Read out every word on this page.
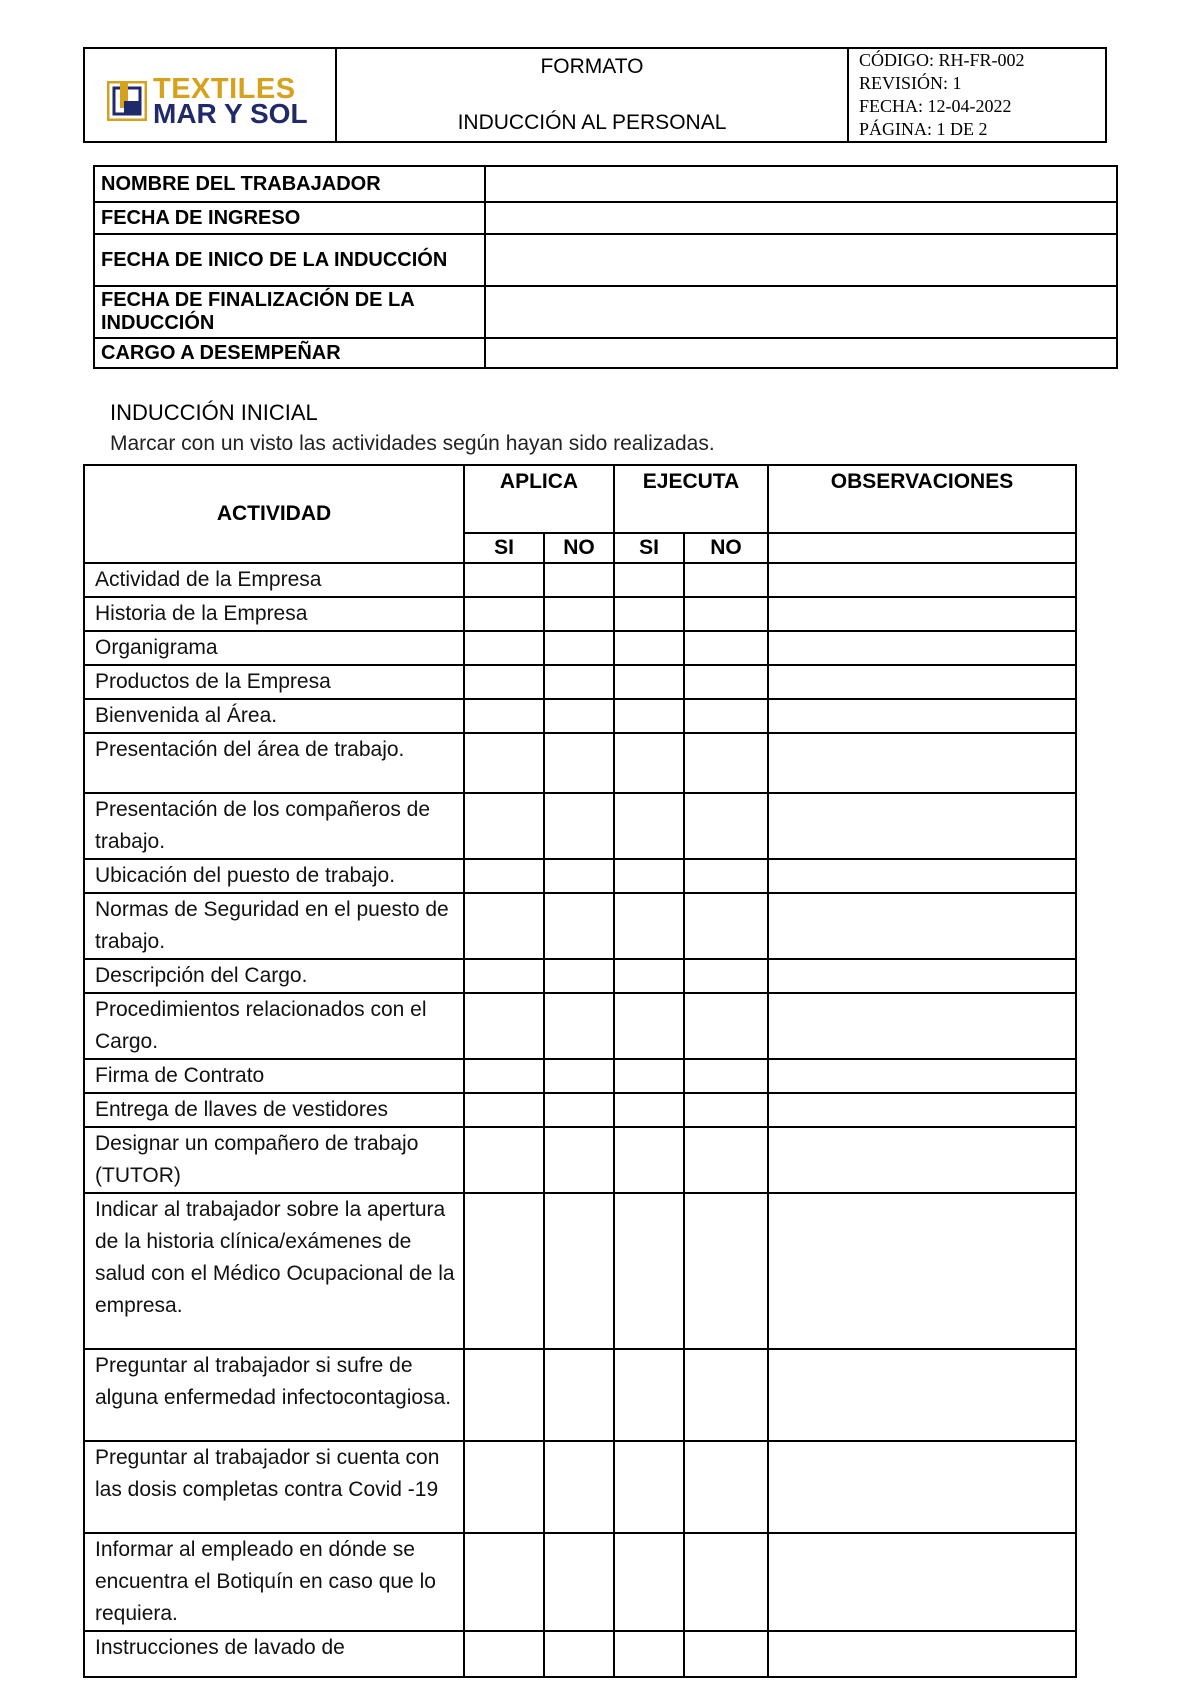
TEXTILES
MAR Y SOL

FORMATO
INDUCCIÓN AL PERSONAL

CÓDIGO: RH-FR-002
REVISIÓN: 1
FECHA: 12-04-2022
PÁGINA: 1 DE 2
NOMBRE DEL TRABAJADOR	
FECHA DE INGRESO	
FECHA DE INICO DE LA INDUCCIÓN	
FECHA DE FINALIZACIÓN DE LA INDUCCIÓN	
CARGO A DESEMPEÑAR	
INDUCCIÓN INICIAL
Marcar con un visto las actividades según hayan sido realizadas.
ACTIVIDAD	APLICA		EJECUTA		OBSERVACIONES
	SI	NO	SI	NO	
Actividad de la Empresa					
Historia de la Empresa					
Organigrama					
Productos de la Empresa					
Bienvenida al Área.					
Presentación del área de trabajo.					
Presentación de los compañeros de trabajo.					
Ubicación del puesto de trabajo.					
Normas de Seguridad en el puesto de trabajo.					
Descripción del Cargo.					
Procedimientos relacionados con el Cargo.					
Firma de Contrato					
Entrega de llaves de vestidores					
Designar un compañero de trabajo (TUTOR)					
Indicar al trabajador sobre la apertura de la historia clínica/exámenes de salud con el Médico Ocupacional de la empresa.					
Preguntar al trabajador si sufre de alguna enfermedad infectocontagiosa.					
Preguntar al trabajador si cuenta con las dosis completas contra Covid -19					
Informar al empleado en dónde se encuentra el Botiquín en caso que lo requiera.					
Instrucciones de lavado de					
